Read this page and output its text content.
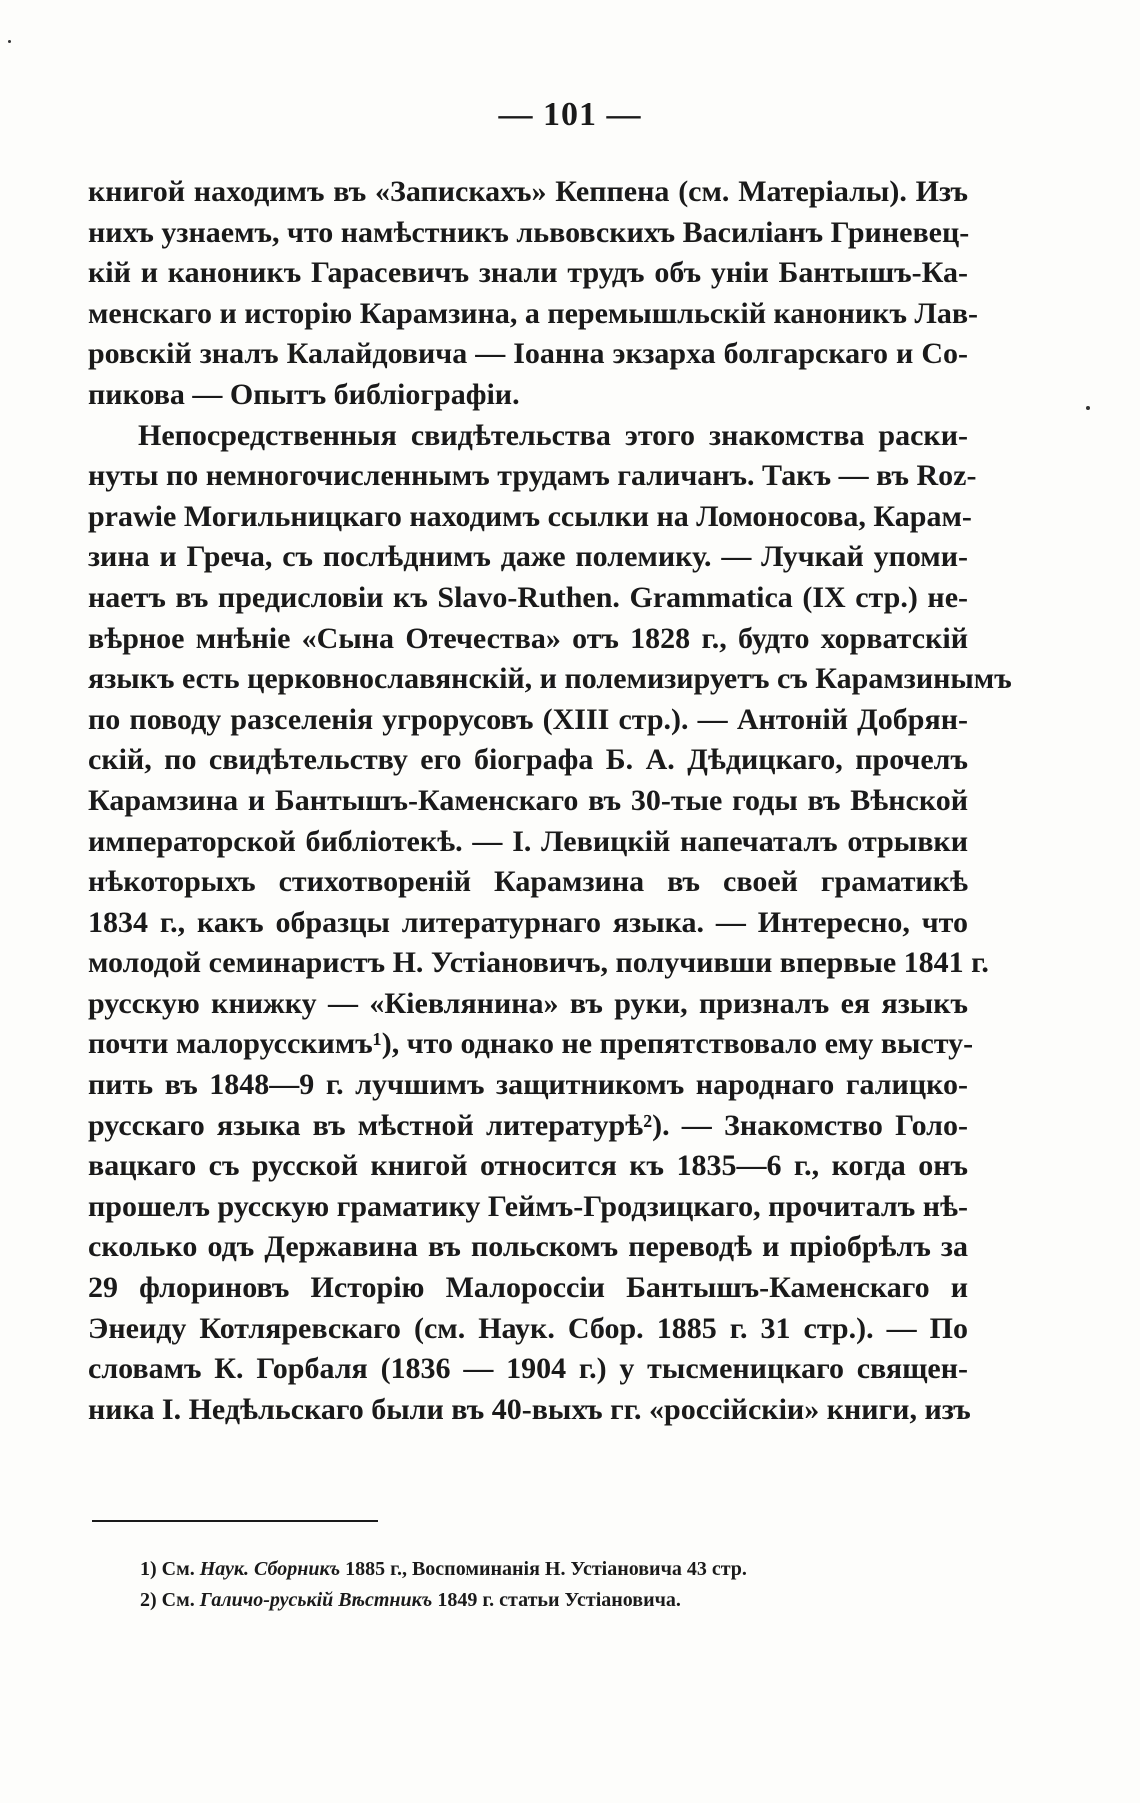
— 101 —
книгой находимъ въ «Запискахъ» Кеппена (см. Матеріалы). Изъ
нихъ узнаемъ, что намѣстникъ львовскихъ Василіанъ Гриневец-
кій и каноникъ Гарасевичъ знали трудъ объ уніи Бантышъ-Ка-
менскаго и исторію Карамзина, а перемышльскій каноникъ Лав-
ровскій зналъ Калайдовича — Іоанна экзарха болгарскаго и Со-
пикова — Опытъ библіографіи.
Непосредственныя свидѣтельства этого знакомства раски-
нуты по немногочисленнымъ трудамъ галичанъ. Такъ — въ Roz-
prawie Могильницкаго находимъ ссылки на Ломоносова, Карам-
зина и Греча, съ послѣднимъ даже полемику. — Лучкай упоми-
наетъ въ предисловіи къ Slavo-Ruthen. Grammatica (IX стр.) не-
вѣрное мнѣніе «Сына Отечества» отъ 1828 г., будто хорватскій
языкъ есть церковнославянскій, и полемизируетъ съ Карамзинымъ
по поводу разселенія угрорусовъ (XIII стр.). — Антоній Добрян-
скій, по свидѣтельству его біографа Б. А. Дѣдицкаго, прочелъ
Карамзина и Бантышъ-Каменскаго въ 30-тые годы въ Вѣнской
императорской библіотекѣ. — I. Левицкій напечаталъ отрывки
нѣкоторыхъ стихотвореній Карамзина въ своей граматикѣ
1834 г., какъ образцы литературнаго языка. — Интересно, что
молодой семинаристъ Н. Устіановичъ, получивши впервые 1841 г.
русскую книжку — «Кіевлянина» въ руки, призналъ ея языкъ
почти малорусскимъ¹), что однако не препятствовало ему высту-
пить въ 1848—9 г. лучшимъ защитникомъ народнаго галицко-
русскаго языка въ мѣстной литературѣ²). — Знакомство Голо-
вацкаго съ русской книгой относится къ 1835—6 г., когда онъ
прошелъ русскую граматику Геймъ-Гродзицкаго, прочиталъ нѣ-
сколько одъ Державина въ польскомъ переводѣ и пріобрѣлъ за
29 флориновъ Исторію Малороссіи Бантышъ-Каменскаго и
Энеиду Котляревскаго (см. Наук. Сбор. 1885 г. 31 стр.). — По
словамъ К. Горбаля (1836 — 1904 г.) у тысменицкаго священ-
ника І. Недѣльскаго были въ 40-выхъ гг. «россійскіи» книги, изъ
1) См. Наук. Сборникъ 1885 г., Воспоминанія Н. Устіановича 43 стр.
2) См. Галичо-руській Вѣстникъ 1849 г. статьи Устіановича.
